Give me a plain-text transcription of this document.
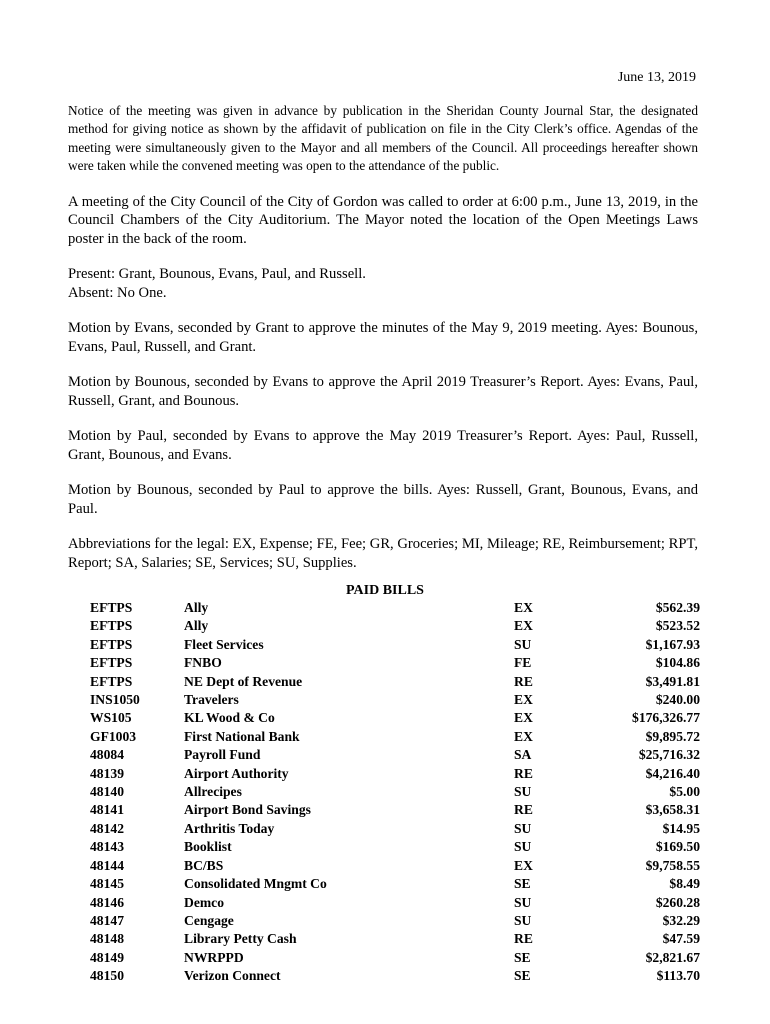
June 13, 2019

Notice of the meeting was given in advance by publication in the Sheridan County Journal Star, the designated method for giving notice as shown by the affidavit of publication on file in the City Clerk’s office. Agendas of the meeting were simultaneously given to the Mayor and all members of the Council. All proceedings hereafter shown were taken while the convened meeting was open to the attendance of the public.

A meeting of the City Council of the City of Gordon was called to order at 6:00 p.m., June 13, 2019, in the Council Chambers of the City Auditorium. The Mayor noted the location of the Open Meetings Laws poster in the back of the room.

Present: Grant, Bounous, Evans, Paul, and Russell.

Absent: No One.

Motion by Evans, seconded by Grant to approve the minutes of the May 9, 2019 meeting. Ayes: Bounous, Evans, Paul, Russell, and Grant.

Motion by Bounous, seconded by Evans to approve the April 2019 Treasurer’s Report. Ayes: Evans, Paul, Russell, Grant, and Bounous.

Motion by Paul, seconded by Evans to approve the May 2019 Treasurer’s Report. Ayes: Paul, Russell, Grant, Bounous, and Evans.

Motion by Bounous, seconded by Paul to approve the bills. Ayes: Russell, Grant, Bounous, Evans, and Paul.

Abbreviations for the legal: EX, Expense; FE, Fee; GR, Groceries; MI, Mileage; RE, Reimbursement; RPT, Report; SA, Salaries; SE, Services; SU, Supplies.

PAID BILLS
EFTPS	Ally	EX	$562.39
EFTPS	Ally	EX	$523.52
EFTPS	Fleet Services	SU	$1,167.93
EFTPS	FNBO	FE	$104.86
EFTPS	NE Dept of Revenue	RE	$3,491.81
INS1050	Travelers	EX	$240.00
WS105	KL Wood & Co	EX	$176,326.77
GF1003	First National Bank	EX	$9,895.72
48084	Payroll Fund	SA	$25,716.32
48139	Airport Authority	RE	$4,216.40
48140	Allrecipes	SU	$5.00
48141	Airport Bond Savings	RE	$3,658.31
48142	Arthritis Today	SU	$14.95
48143	Booklist	SU	$169.50
48144	BC/BS	EX	$9,758.55
48145	Consolidated Mngmt Co	SE	$8.49
48146	Demco	SU	$260.28
48147	Cengage	SU	$32.29
48148	Library Petty Cash	RE	$47.59
48149	NWRPPD	SE	$2,821.67
48150	Verizon Connect	SE	$113.70
